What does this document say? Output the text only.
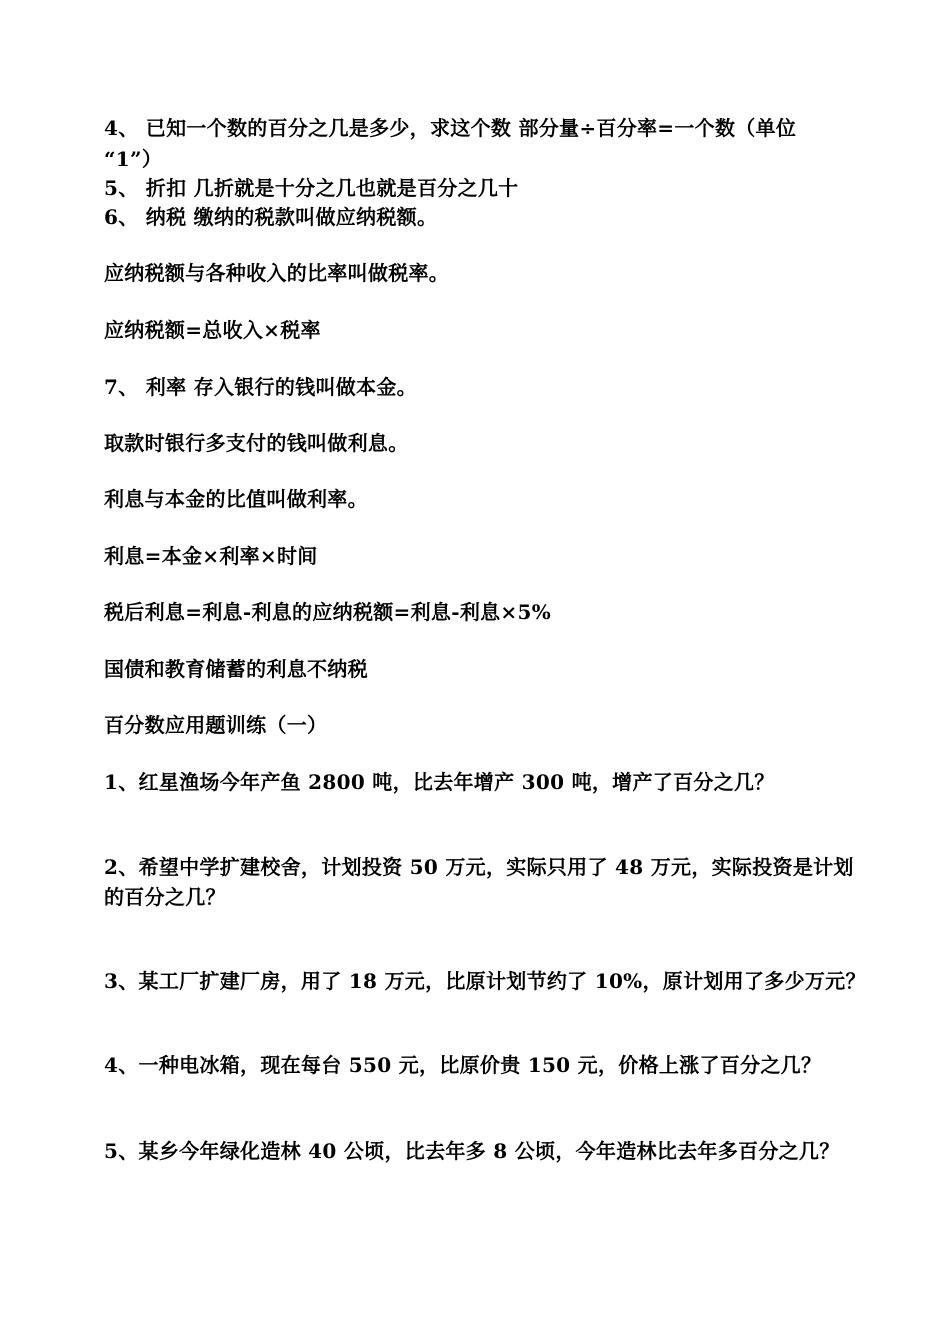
4、 已知一个数的百分之几是多少，求这个数 部分量÷百分率=一个数（单位
“1”）
5、 折扣 几折就是十分之几也就是百分之几十
6、 纳税 缴纳的税款叫做应纳税额。
应纳税额与各种收入的比率叫做税率。
应纳税额=总收入×税率
7、 利率 存入银行的钱叫做本金。
取款时银行多支付的钱叫做利息。
利息与本金的比值叫做利率。
利息=本金×利率×时间
税后利息=利息-利息的应纳税额=利息-利息×5%
国债和教育储蓄的利息不纳税
百分数应用题训练（一）
1、红星渔场今年产鱼 2800 吨，比去年增产 300 吨，增产了百分之几？
2、希望中学扩建校舍，计划投资 50 万元，实际只用了 48 万元，实际投资是计划
的百分之几？
3、某工厂扩建厂房，用了 18 万元，比原计划节约了 10%，原计划用了多少万元？
4、一种电冰箱，现在每台 550 元，比原价贵 150 元，价格上涨了百分之几？
5、某乡今年绿化造林 40 公顷，比去年多 8 公顷，今年造林比去年多百分之几？
